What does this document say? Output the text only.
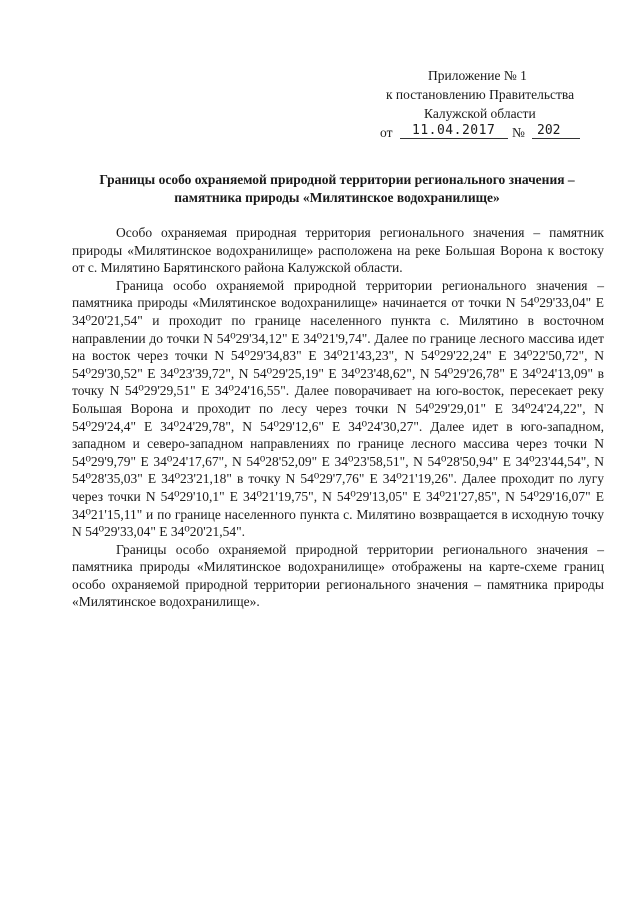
Приложение № 1
к постановлению Правительства
Калужской области
от 11.04.2017 № 202
Границы особо охраняемой природной территории регионального значения –
памятника природы «Милятинское водохранилище»

Особо охраняемая природная территория регионального значения – памятник природы «Милятинское водохранилище» расположена на реке Большая Ворона к востоку от с. Милятино Барятинского района Калужской области.

Граница особо охраняемой природной территории регионального значения – памятника природы «Милятинское водохранилище» начинается от точки N 54⁰29'33,04" E 34⁰20'21,54" и проходит по границе населенного пункта с. Милятино в восточном направлении до точки N 54⁰29'34,12" E 34⁰21'9,74". Далее по границе лесного массива идет на восток через точки N 54⁰29'34,83" E 34⁰21'43,23", N 54⁰29'22,24" E 34⁰22'50,72", N 54⁰29'30,52" E 34⁰23'39,72", N 54⁰29'25,19" E 34⁰23'48,62", N 54⁰29'26,78" E 34⁰24'13,09" в точку N 54⁰29'29,51" E 34⁰24'16,55". Далее поворачивает на юго-восток, пересекает реку Большая Ворона и проходит по лесу через точки N 54⁰29'29,01" E 34⁰24'24,22", N 54⁰29'24,4" E 34⁰24'29,78", N 54⁰29'12,6" E 34⁰24'30,27". Далее идет в юго-западном, западном и северо-западном направлениях по границе лесного массива через точки N 54⁰29'9,79" E 34⁰24'17,67", N 54⁰28'52,09" E 34⁰23'58,51", N 54⁰28'50,94" E 34⁰23'44,54", N 54⁰28'35,03" E 34⁰23'21,18" в точку N 54⁰29'7,76" E 34⁰21'19,26". Далее проходит по лугу через точки N 54⁰29'10,1" E 34⁰21'19,75", N 54⁰29'13,05" E 34⁰21'27,85", N 54⁰29'16,07" E 34⁰21'15,11" и по границе населенного пункта с. Милятино возвращается в исходную точку N 54⁰29'33,04" E 34⁰20'21,54".

Границы особо охраняемой природной территории регионального значения – памятника природы «Милятинское водохранилище» отображены на карте-схеме границ особо охраняемой природной территории регионального значения – памятника природы «Милятинское водохранилище».
